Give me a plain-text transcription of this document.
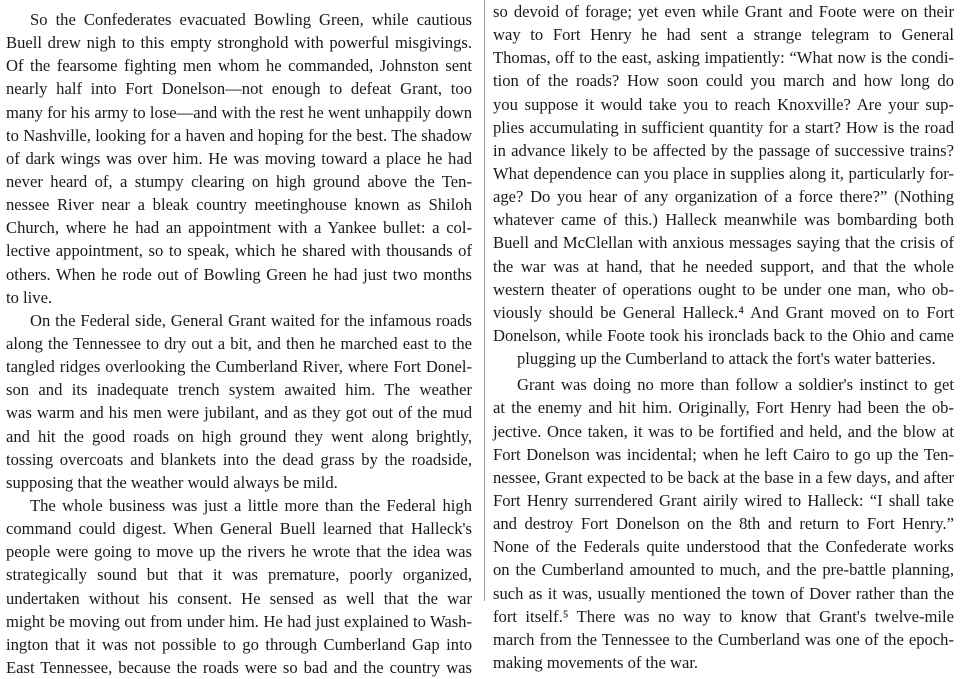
So the Confederates evacuated Bowling Green, while cautious
Buell drew nigh to this empty stronghold with powerful misgivings.
Of the fearsome fighting men whom he commanded, Johnston sent
nearly half into Fort Donelson—not enough to defeat Grant, too
many for his army to lose—and with the rest he went unhappily down
to Nashville, looking for a haven and hoping for the best. The shadow
of dark wings was over him. He was moving toward a place he had
never heard of, a stumpy clearing on high ground above the Ten-
nessee River near a bleak country meetinghouse known as Shiloh
Church, where he had an appointment with a Yankee bullet: a col-
lective appointment, so to speak, which he shared with thousands of
others. When he rode out of Bowling Green he had just two months
to live.
On the Federal side, General Grant waited for the infamous roads
along the Tennessee to dry out a bit, and then he marched east to the
tangled ridges overlooking the Cumberland River, where Fort Donel-
son and its inadequate trench system awaited him. The weather
was warm and his men were jubilant, and as they got out of the mud
and hit the good roads on high ground they went along brightly,
tossing overcoats and blankets into the dead grass by the roadside,
supposing that the weather would always be mild.
The whole business was just a little more than the Federal high
command could digest. When General Buell learned that Halleck's
people were going to move up the rivers he wrote that the idea was
strategically sound but that it was premature, poorly organized,
undertaken without his consent. He sensed as well that the war
might be moving out from under him. He had just explained to Wash-
ington that it was not possible to go through Cumberland Gap into
East Tennessee, because the roads were so bad and the country was
so devoid of forage; yet even while Grant and Foote were on their
way to Fort Henry he had sent a strange telegram to General
Thomas, off to the east, asking impatiently: “What now is the condi-
tion of the roads? How soon could you march and how long do
you suppose it would take you to reach Knoxville? Are your sup-
plies accumulating in sufficient quantity for a start? How is the road
in advance likely to be affected by the passage of successive trains?
What dependence can you place in supplies along it, particularly for-
age? Do you hear of any organization of a force there?” (Nothing
whatever came of this.) Halleck meanwhile was bombarding both
Buell and McClellan with anxious messages saying that the crisis of
the war was at hand, that he needed support, and that the whole
western theater of operations ought to be under one man, who ob-
viously should be General Halleck.⁴ And Grant moved on to Fort
Donelson, while Foote took his ironclads back to the Ohio and came
plugging up the Cumberland to attack the fort's water batteries.
Grant was doing no more than follow a soldier's instinct to get
at the enemy and hit him. Originally, Fort Henry had been the ob-
jective. Once taken, it was to be fortified and held, and the blow at
Fort Donelson was incidental; when he left Cairo to go up the Ten-
nessee, Grant expected to be back at the base in a few days, and after
Fort Henry surrendered Grant airily wired to Halleck: “I shall take
and destroy Fort Donelson on the 8th and return to Fort Henry.”
None of the Federals quite understood that the Confederate works
on the Cumberland amounted to much, and the pre-battle planning,
such as it was, usually mentioned the town of Dover rather than the
fort itself.⁵ There was no way to know that Grant's twelve-mile
march from the Tennessee to the Cumberland was one of the epoch-
making movements of the war.
